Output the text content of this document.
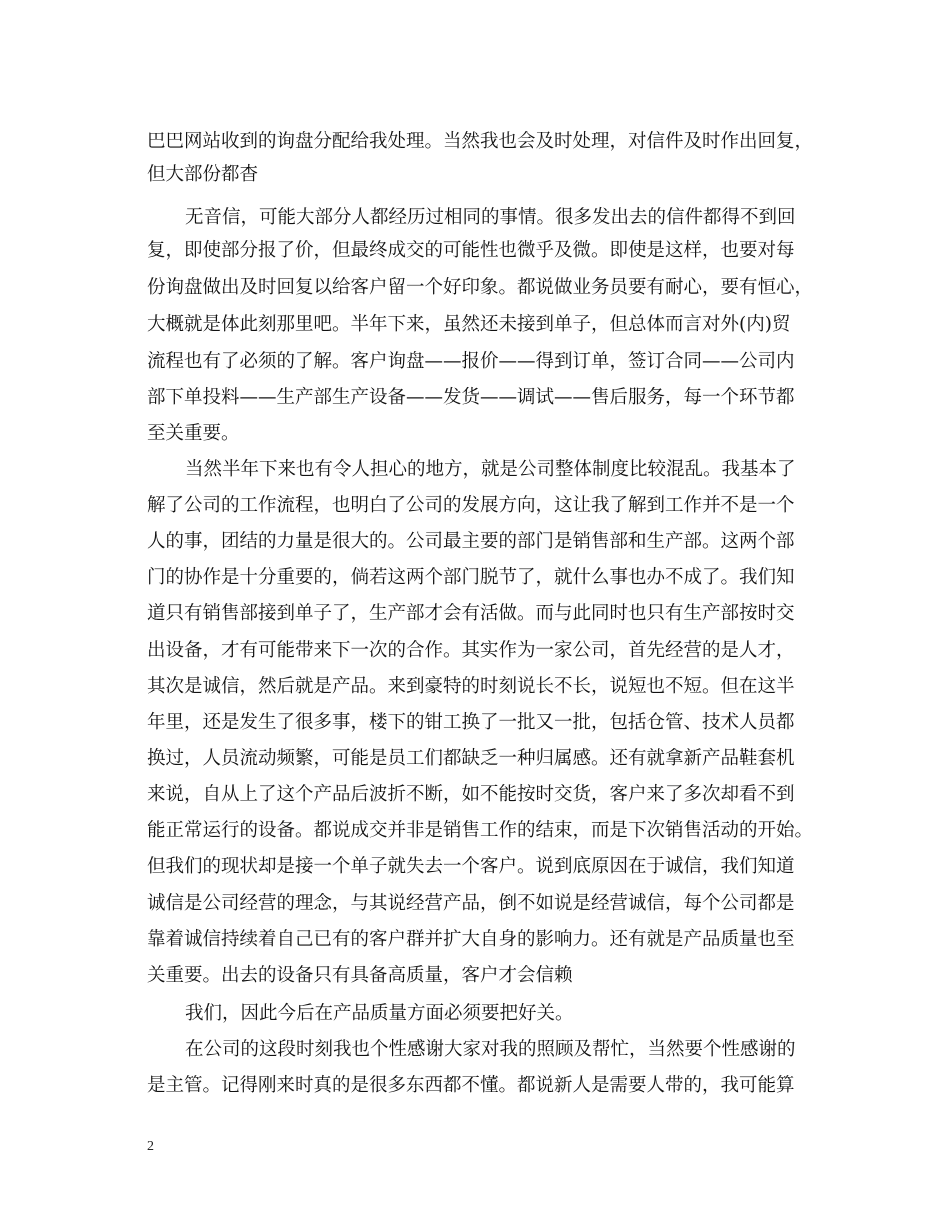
巴巴网站收到的询盘分配给我处理。当然我也会及时处理，对信件及时作出回复，
但大部份都杳
无音信，可能大部分人都经历过相同的事情。很多发出去的信件都得不到回
复，即使部分报了价，但最终成交的可能性也微乎及微。即使是这样，也要对每
份询盘做出及时回复以给客户留一个好印象。都说做业务员要有耐心，要有恒心，
大概就是体此刻那里吧。半年下来，虽然还未接到单子，但总体而言对外(内)贸
流程也有了必须的了解。客户询盘——报价——得到订单，签订合同——公司内
部下单投料——生产部生产设备——发货——调试——售后服务，每一个环节都
至关重要。
当然半年下来也有令人担心的地方，就是公司整体制度比较混乱。我基本了
解了公司的工作流程，也明白了公司的发展方向，这让我了解到工作并不是一个
人的事，团结的力量是很大的。公司最主要的部门是销售部和生产部。这两个部
门的协作是十分重要的，倘若这两个部门脱节了，就什么事也办不成了。我们知
道只有销售部接到单子了，生产部才会有活做。而与此同时也只有生产部按时交
出设备，才有可能带来下一次的合作。其实作为一家公司，首先经营的是人才，
其次是诚信，然后就是产品。来到豪特的时刻说长不长，说短也不短。但在这半
年里，还是发生了很多事，楼下的钳工换了一批又一批，包括仓管、技术人员都
换过，人员流动频繁，可能是员工们都缺乏一种归属感。还有就拿新产品鞋套机
来说，自从上了这个产品后波折不断，如不能按时交货，客户来了多次却看不到
能正常运行的设备。都说成交并非是销售工作的结束，而是下次销售活动的开始。
但我们的现状却是接一个单子就失去一个客户。说到底原因在于诚信，我们知道
诚信是公司经营的理念，与其说经营产品，倒不如说是经营诚信，每个公司都是
靠着诚信持续着自己已有的客户群并扩大自身的影响力。还有就是产品质量也至
关重要。出去的设备只有具备高质量，客户才会信赖
我们，因此今后在产品质量方面必须要把好关。
在公司的这段时刻我也个性感谢大家对我的照顾及帮忙，当然要个性感谢的
是主管。记得刚来时真的是很多东西都不懂。都说新人是需要人带的，我可能算
2
